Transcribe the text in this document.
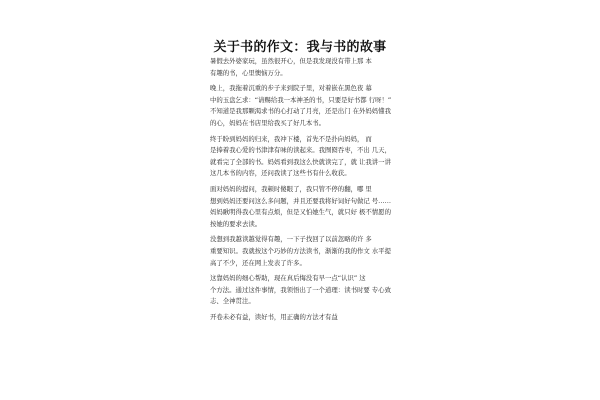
关于书的作文：我与书的故事

暑假去外婆家玩，虽然很开心，但是我发现没有带上那 本
有趣的书，心里懊恼万分。

晚上，我拖着沉重的步子来到院子里，对着嵌在黑色夜 幕
中的玉盘乞求：“请赐给我一本神圣的书，只要是好书都 行呀！”
不知道是我那颗渴求书的心打动了月亮，还是出门 在外妈妈懂我
的心，妈妈在书店里给我买了好几本书。

终于盼到妈妈的归来，我冲下楼，首先不是扑向妈妈， 而
是捧着我心爱的书津津有味的读起来。我囫囵吞枣，不出 几天，
就看完了全部的书。妈妈看到我这么快就读完了，就 让我讲一讲
这几本书的内容，还问我读了这些书有什么收获。

面对妈妈的提问，我顿时傻眼了，我只管不停的翻，哪 里
想到妈妈还要问这么多问题，并且还要我将好词好句做记 号……
妈妈瞅明得我心里有点烦，但是又怕她生气，就只好 极不情愿的
按她的要求去读。

没想到我越读越觉得有趣，一下子找回了以前忽略的许 多
重要知识。我就按这个巧妙的方法读书，渐渐的我的作文 水平提
高了不少，还在网上发表了许多。

这靠妈妈的细心帮助，现在真后悔没有早一点“认识” 这
个方法。通过这件事情，我领悟出了一个道理：读书时要 专心致
志、全神贯注。

开卷未必有益，读好书，用正确的方法才有益
